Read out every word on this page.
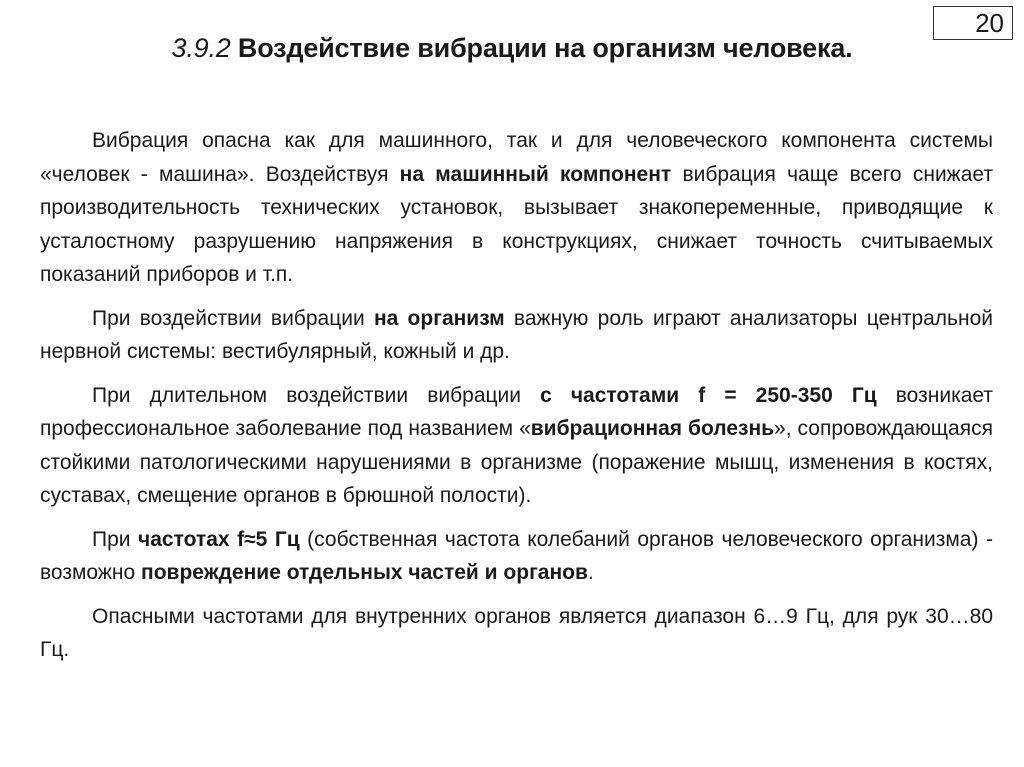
20
3.9.2 Воздействие вибрации на организм человека.

Вибрация опасна как для машинного, так и для человеческого компонента системы «человек - машина». Воздействуя на машинный компонент вибрация чаще всего снижает производительность технических установок, вызывает знакопеременные, приводящие к усталостному разрушению напряжения в конструкциях, снижает точность считываемых показаний приборов и т.п.

При воздействии вибрации на организм важную роль играют анализаторы центральной нервной системы: вестибулярный, кожный и др.

При длительном воздействии вибрации с частотами f = 250-350 Гц возникает профессиональное заболевание под названием «вибрационная болезнь», сопровождающаяся стойкими патологическими нарушениями в организме (поражение мышц, изменения в костях, суставах, смещение органов в брюшной полости).

При частотах f≈5 Гц (собственная частота колебаний органов человеческого организма) - возможно повреждение отдельных частей и органов.

Опасными частотами для внутренних органов является диапазон 6…9 Гц, для рук 30…80 Гц.
